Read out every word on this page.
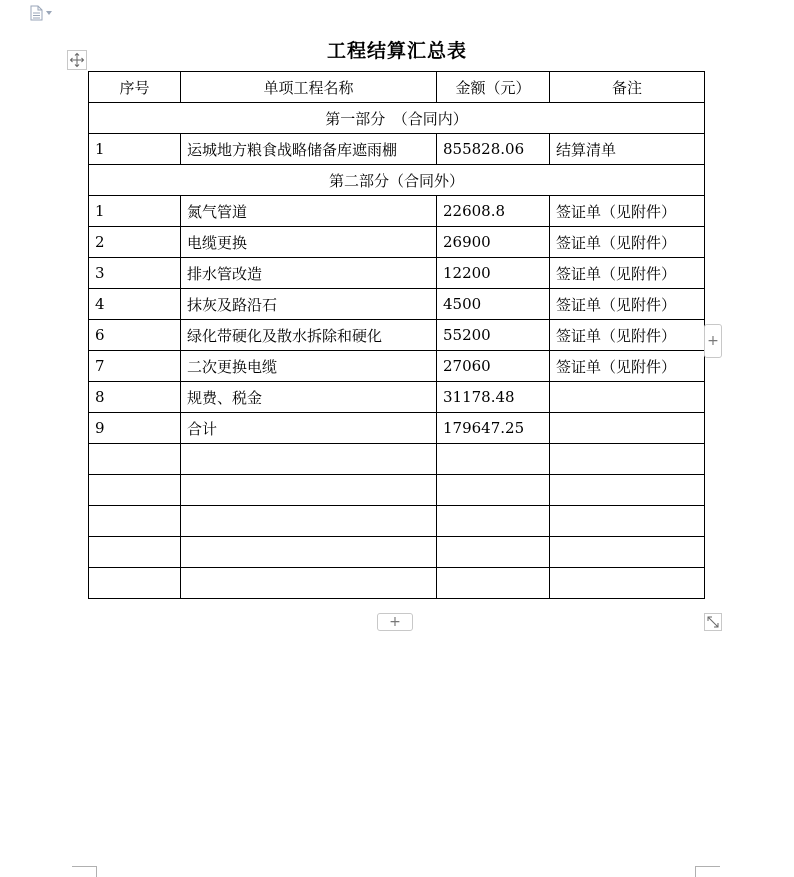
工程结算汇总表
序号	单项工程名称	金额（元）	备注
第一部分　（合同内）			
1	运城地方粮食战略储备库遮雨棚	855828.06	结算清单
第二部分（合同外）			
1	氮气管道	22608.8	签证单（见附件）
2	电缆更换	26900	签证单（见附件）
3	排水管改造	12200	签证单（见附件）
4	抹灰及路沿石	4500	签证单（见附件）
6	绿化带硬化及散水拆除和硬化	55200	签证单（见附件）
7	二次更换电缆	27060	签证单（见附件）
8	规费、税金	31178.48	
9	合计	179647.25	

+
+
